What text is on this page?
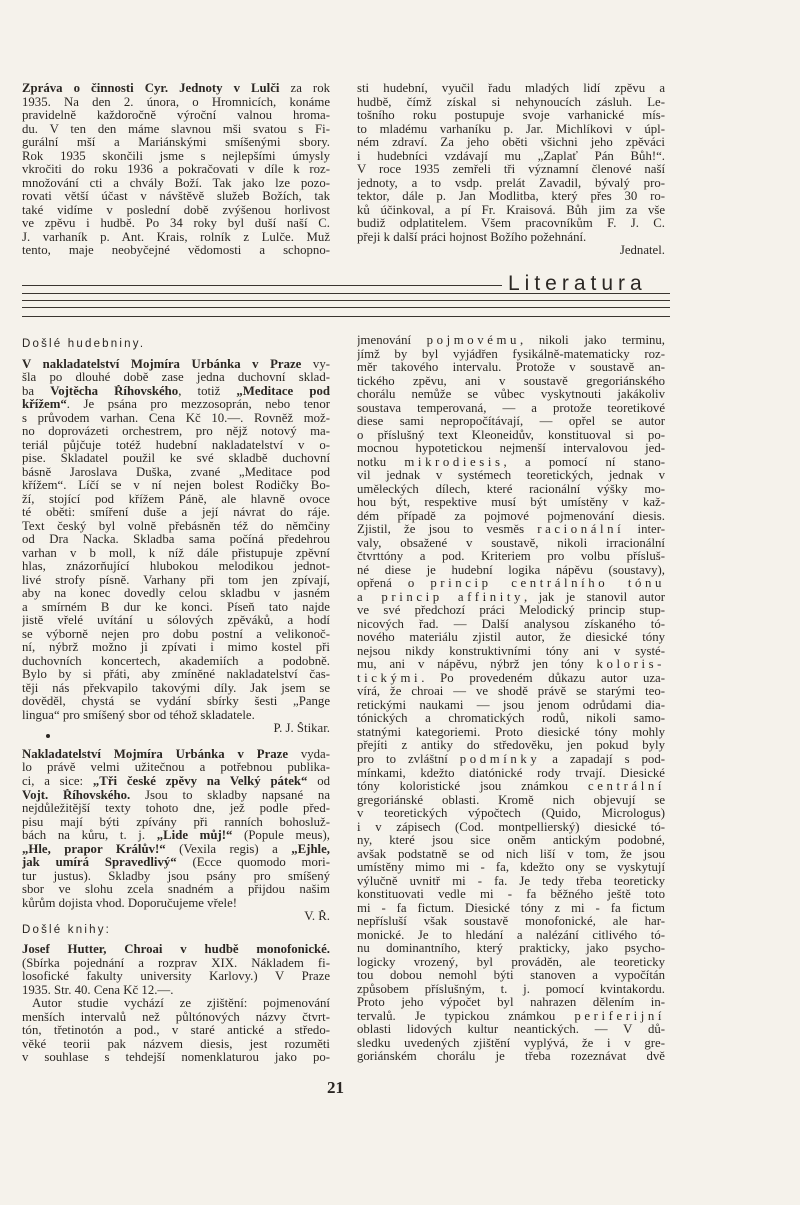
Zpráva o činnosti Cyr. Jednoty v Lulči za rok
1935. Na den 2. února, o Hromnicích, konáme
pravidelně každoročně výroční valnou hroma-
du. V ten den máme slavnou mši svatou s Fi-
gurální mší a Mariánskými smíšenými sbory.
Rok 1935 skončili jsme s nejlepšími úmysly
vkročiti do roku 1936 a pokračovati v díle k roz-
množování cti a chvály Boží. Tak jako lze pozo-
rovati větší účast v návštěvě služeb Božích, tak
také vidíme v poslední době zvýšenou horlivost
ve zpěvu i hudbě. Po 34 roky byl duší naší C.
J. varhaník p. Ant. Krais, rolník z Lulče. Muž
tento, maje neobyčejné vědomosti a schopno-
sti hudební, vyučil řadu mladých lidí zpěvu a
hudbě, čímž získal si nehynoucích zásluh. Le-
tošního roku postupuje svoje varhanické mís-
to mladému varhaníku p. Jar. Michlíkovi v úpl-
ném zdraví. Za jeho oběti všichni jeho zpěváci
i hudebníci vzdávají mu „Zaplať Pán Bůh!“.
V roce 1935 zemřeli tři významní členové naší
jednoty, a to vsdp. prelát Zavadil, bývalý pro-
tektor, dále p. Jan Modlitba, který přes 30 ro-
ků účinkoval, a pí Fr. Kraisová. Bůh jim za vše
budiž odplatitelem. Všem pracovníkům F. J. C.
přeji k další práci hojnost Božího požehnání.
Jednatel.
Literatura
Došlé hudebniny.
V nakladatelství Mojmíra Urbánka v Praze vy-
šla po dlouhé době zase jedna duchovní sklad-
ba Vojtěcha Říhovského, totiž „Meditace pod
křížem“. Je psána pro mezzosoprán, nebo tenor
s průvodem varhan. Cena Kč 10.—. Rovněž mož-
no doprovázeti orchestrem, pro nějž notový ma-
teriál půjčuje totéž hudební nakladatelství v o-
pise. Skladatel použil ke své skladbě duchovní
básně Jaroslava Duška, zvané „Meditace pod
křížem“. Líčí se v ní nejen bolest Rodičky Bo-
ží, stojící pod křížem Páně, ale hlavně ovoce
té oběti: smíření duše a její návrat do ráje.
Text český byl volně přebásněn též do němčiny
od Dra Nacka. Skladba sama počíná předehrou
varhan v b moll, k níž dále přistupuje zpěvní
hlas, znázorňující hlubokou melodikou jednot-
livé strofy písně. Varhany při tom jen zpívají,
aby na konec dovedly celou skladbu v jasném
a smírném B dur ke konci. Píseň tato najde
jistě vřelé uvítání u sólových zpěváků, a hodí
se výborně nejen pro dobu postní a velikonoč-
ní, nýbrž možno ji zpívati i mimo kostel při
duchovních koncertech, akademiích a podobně.
Bylo by si přáti, aby zmíněné nakladatelství čas-
těji nás překvapilo takovými díly. Jak jsem se
dověděl, chystá se vydání sbírky šesti „Pange
lingua“ pro smíšený sbor od téhož skladatele.
P. J. Štikar.
Nakladatelství Mojmíra Urbánka v Praze vyda-
lo právě velmi užitečnou a potřebnou publika-
ci, a sice: „Tři české zpěvy na Velký pátek“ od
Vojt. Říhovského. Jsou to skladby napsané na
nejdůležitější texty tohoto dne, jež podle před-
pisu mají býti zpívány při ranních bohosluž-
bách na kůru, t. j. „Lide můj!“ (Popule meus),
„Hle, prapor Králův!“ (Vexila regis) a „Ejhle,
jak umírá Spravedlivý“ (Ecce quomodo mori-
tur justus). Skladby jsou psány pro smíšený
sbor ve slohu zcela snadném a přijdou našim
kůrům dojista vhod. Doporučujeme vřele!
V. Ř.
Došlé knihy:
Josef Hutter, Chroai v hudbě monofonické.
(Sbírka pojednání a rozprav XIX. Nákladem fi-
losofické fakulty university Karlovy.) V Praze
1935. Str. 40. Cena Kč 12.—.
Autor studie vychází ze zjištění: pojmenování
menších intervalů než půltónových názvy čtvrt-
tón, třetinotón a pod., v staré antické a středo-
věké teorii pak názvem diesis, jest rozuměti
v souhlase s tehdejší nomenklaturou jako po-
jmenování pojmovému, nikoli jako terminu,
jímž by byl vyjádřen fysikálně-matematicky roz-
měr takového intervalu. Protože v soustavě an-
tického zpěvu, ani v soustavě gregoriánského
chorálu nemůže se vůbec vyskytnouti jakákoliv
soustava temperovaná, — a protože teoretikové
diese sami nepropočítávají, — opřel se autor
o příslušný text Kleoneidův, konstituoval si po-
mocnou hypotetickou nejmenší intervalovou jed-
notku mikrodiesis, a pomocí ní stano-
vil jednak v systémech teoretických, jednak v
uměleckých dílech, které racionální výšky mo-
hou být, respektive musí být umístěny v kaž-
dém případě za pojmové pojmenování diesis.
Zjistil, že jsou to vesměs racionální inter-
valy, obsažené v soustavě, nikoli irracionální
čtvrttóny a pod. Kriteriem pro volbu přísluš-
né diese je hudební logika nápěvu (soustavy),
opřená o princip centrálního tónu
a princip affinity, jak je stanovil autor
ve své předchozí práci Melodický princip stup-
nicových řad. — Další analysou získaného tó-
nového materiálu zjistil autor, že diesické tóny
nejsou nikdy konstruktivními tóny ani v systé-
mu, ani v nápěvu, nýbrž jen tóny koloris-
tickými. Po provedeném důkazu autor uza-
vírá, že chroai — ve shodě právě se starými teo-
retickými naukami — jsou jenom odrůdami dia-
tónických a chromatických rodů, nikoli samo-
statnými kategoriemi. Proto diesické tóny mohly
přejíti z antiky do středověku, jen pokud byly
pro to zvláštní podmínky a zapadají s pod-
mínkami, kdežto diatónické rody trvají. Diesické
tóny koloristické jsou známkou centrální
gregoriánské oblasti. Kromě nich objevují se
v teoretických výpočtech (Quido, Micrologus)
i v zápisech (Cod. montpellierský) diesické tó-
ny, které jsou sice oněm antickým podobné,
avšak podstatně se od nich liší v tom, že jsou
umístěny mimo mi - fa, kdežto ony se vyskytují
výlučně uvnitř mi - fa. Je tedy třeba teoreticky
konstituovati vedle mi - fa běžného ještě toto
mi - fa fictum. Diesické tóny z mi - fa fictum
nepřísluší však soustavě monofonické, ale har-
monické. Je to hledání a nalézání citlivého tó-
nu dominantního, který prakticky, jako psycho-
logicky vrozený, byl prováděn, ale teoreticky
tou dobou nemohl býti stanoven a vypočítán
způsobem příslušným, t. j. pomocí kvintakordu.
Proto jeho výpočet byl nahrazen dělením in-
tervalů. Je typickou známkou periferijní
oblasti lidových kultur neantických. — V dů-
sledku uvedených zjištění vyplývá, že i v gre-
goriánském chorálu je třeba rozeznávat dvě
21
